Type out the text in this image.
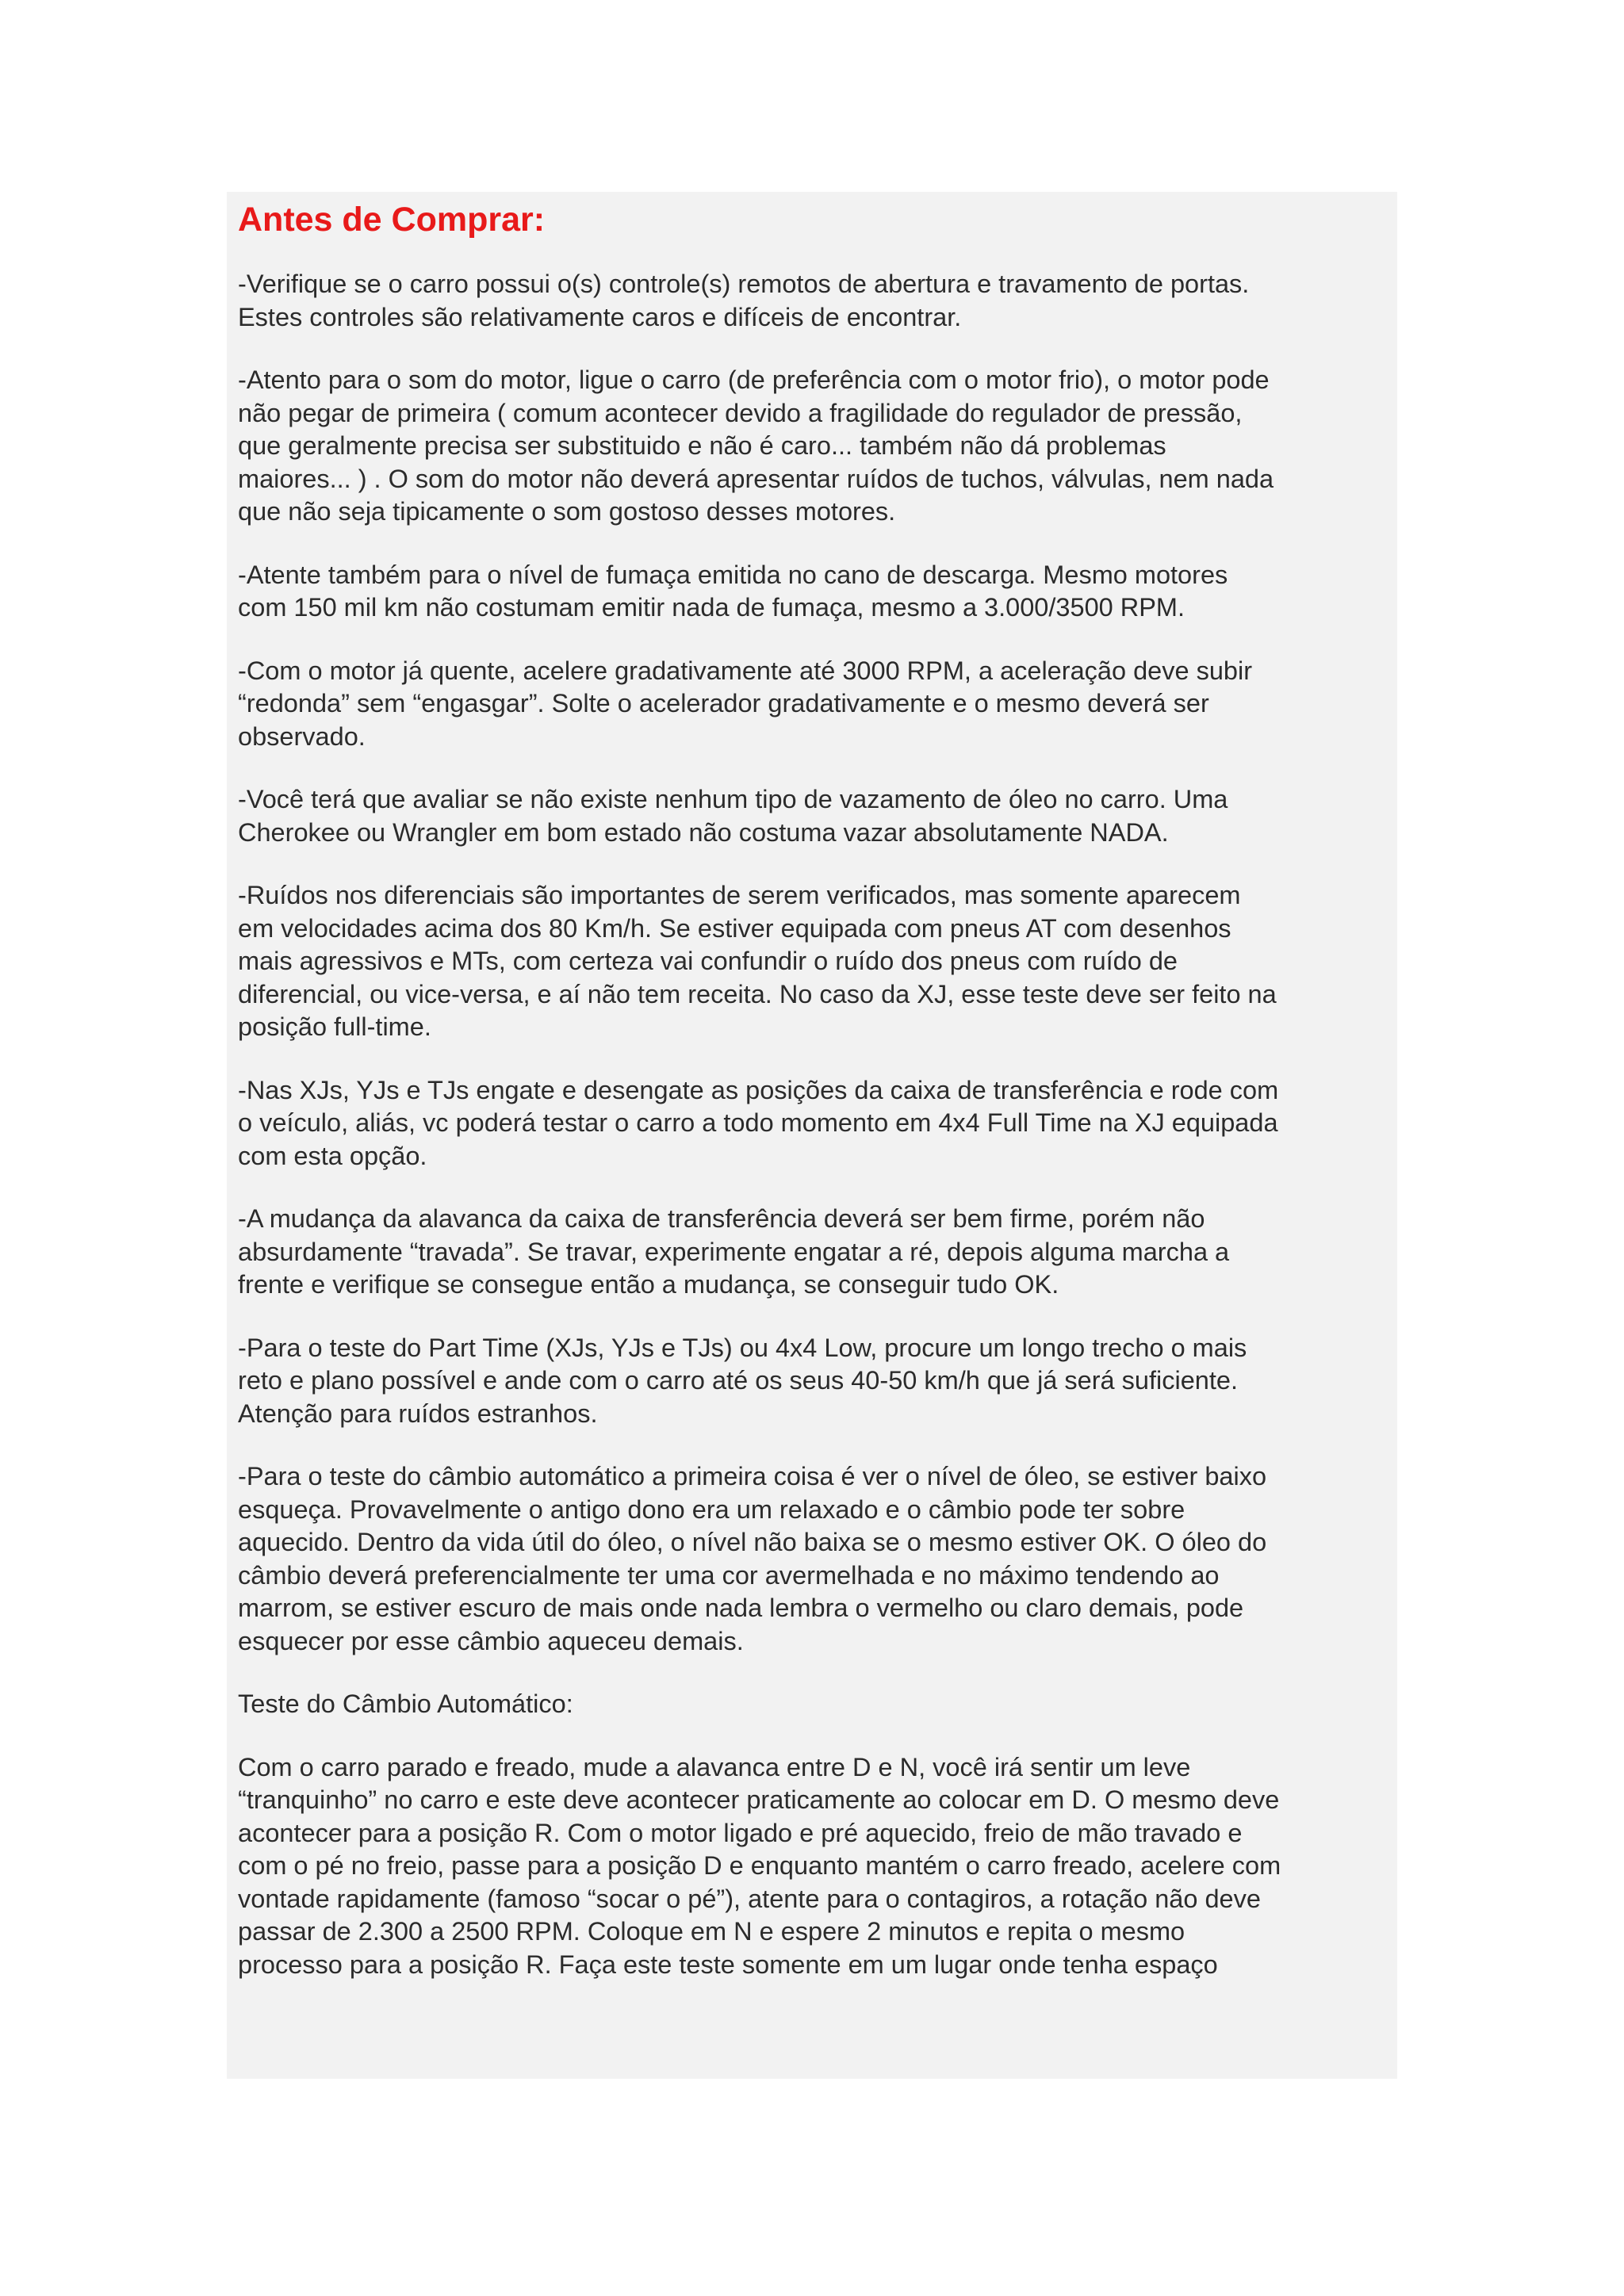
Antes de Comprar:

-Verifique se o carro possui o(s) controle(s) remotos de abertura e travamento de portas.
Estes controles são relativamente caros e difíceis de encontrar.

-Atento para o som do motor, ligue o carro (de preferência com o motor frio), o motor pode
não pegar de primeira ( comum acontecer devido a fragilidade do regulador de pressão,
que geralmente precisa ser substituido e não é caro... também não dá problemas
maiores... ) . O som do motor não deverá apresentar ruídos de tuchos, válvulas, nem nada
que não seja tipicamente o som gostoso desses motores.

-Atente também para o nível de fumaça emitida no cano de descarga. Mesmo motores
com 150 mil km não costumam emitir nada de fumaça, mesmo a 3.000/3500 RPM.

-Com o motor já quente, acelere gradativamente até 3000 RPM, a aceleração deve subir
“redonda” sem “engasgar”. Solte o acelerador gradativamente e o mesmo deverá ser
observado.

-Você terá que avaliar se não existe nenhum tipo de vazamento de óleo no carro. Uma
Cherokee ou Wrangler em bom estado não costuma vazar absolutamente NADA.

-Ruídos nos diferenciais são importantes de serem verificados, mas somente aparecem
em velocidades acima dos 80 Km/h. Se estiver equipada com pneus AT com desenhos
mais agressivos e MTs, com certeza vai confundir o ruído dos pneus com ruído de
diferencial, ou vice-versa, e aí não tem receita. No caso da XJ, esse teste deve ser feito na
posição full-time.

-Nas XJs, YJs e TJs engate e desengate as posições da caixa de transferência e rode com
o veículo, aliás, vc poderá testar o carro a todo momento em 4x4 Full Time na XJ equipada
com esta opção.

-A mudança da alavanca da caixa de transferência deverá ser bem firme, porém não
absurdamente “travada”. Se travar, experimente engatar a ré, depois alguma marcha a
frente e verifique se consegue então a mudança, se conseguir tudo OK.

-Para o teste do Part Time (XJs, YJs e TJs) ou 4x4 Low, procure um longo trecho o mais
reto e plano possível e ande com o carro até os seus 40-50 km/h que já será suficiente.
Atenção para ruídos estranhos.

-Para o teste do câmbio automático a primeira coisa é ver o nível de óleo, se estiver baixo
esqueça. Provavelmente o antigo dono era um relaxado e o câmbio pode ter sobre
aquecido. Dentro da vida útil do óleo, o nível não baixa se o mesmo estiver OK. O óleo do
câmbio deverá preferencialmente ter uma cor avermelhada e no máximo tendendo ao
marrom, se estiver escuro de mais onde nada lembra o vermelho ou claro demais, pode
esquecer por esse câmbio aqueceu demais.

Teste do Câmbio Automático:

Com o carro parado e freado, mude a alavanca entre D e N, você irá sentir um leve
“tranquinho” no carro e este deve acontecer praticamente ao colocar em D. O mesmo deve
acontecer para a posição R. Com o motor ligado e pré aquecido, freio de mão travado e
com o pé no freio, passe para a posição D e enquanto mantém o carro freado, acelere com
vontade rapidamente (famoso “socar o pé”), atente para o contagiros, a rotação não deve
passar de 2.300 a 2500 RPM. Coloque em N e espere 2 minutos e repita o mesmo
processo para a posição R. Faça este teste somente em um lugar onde tenha espaço
